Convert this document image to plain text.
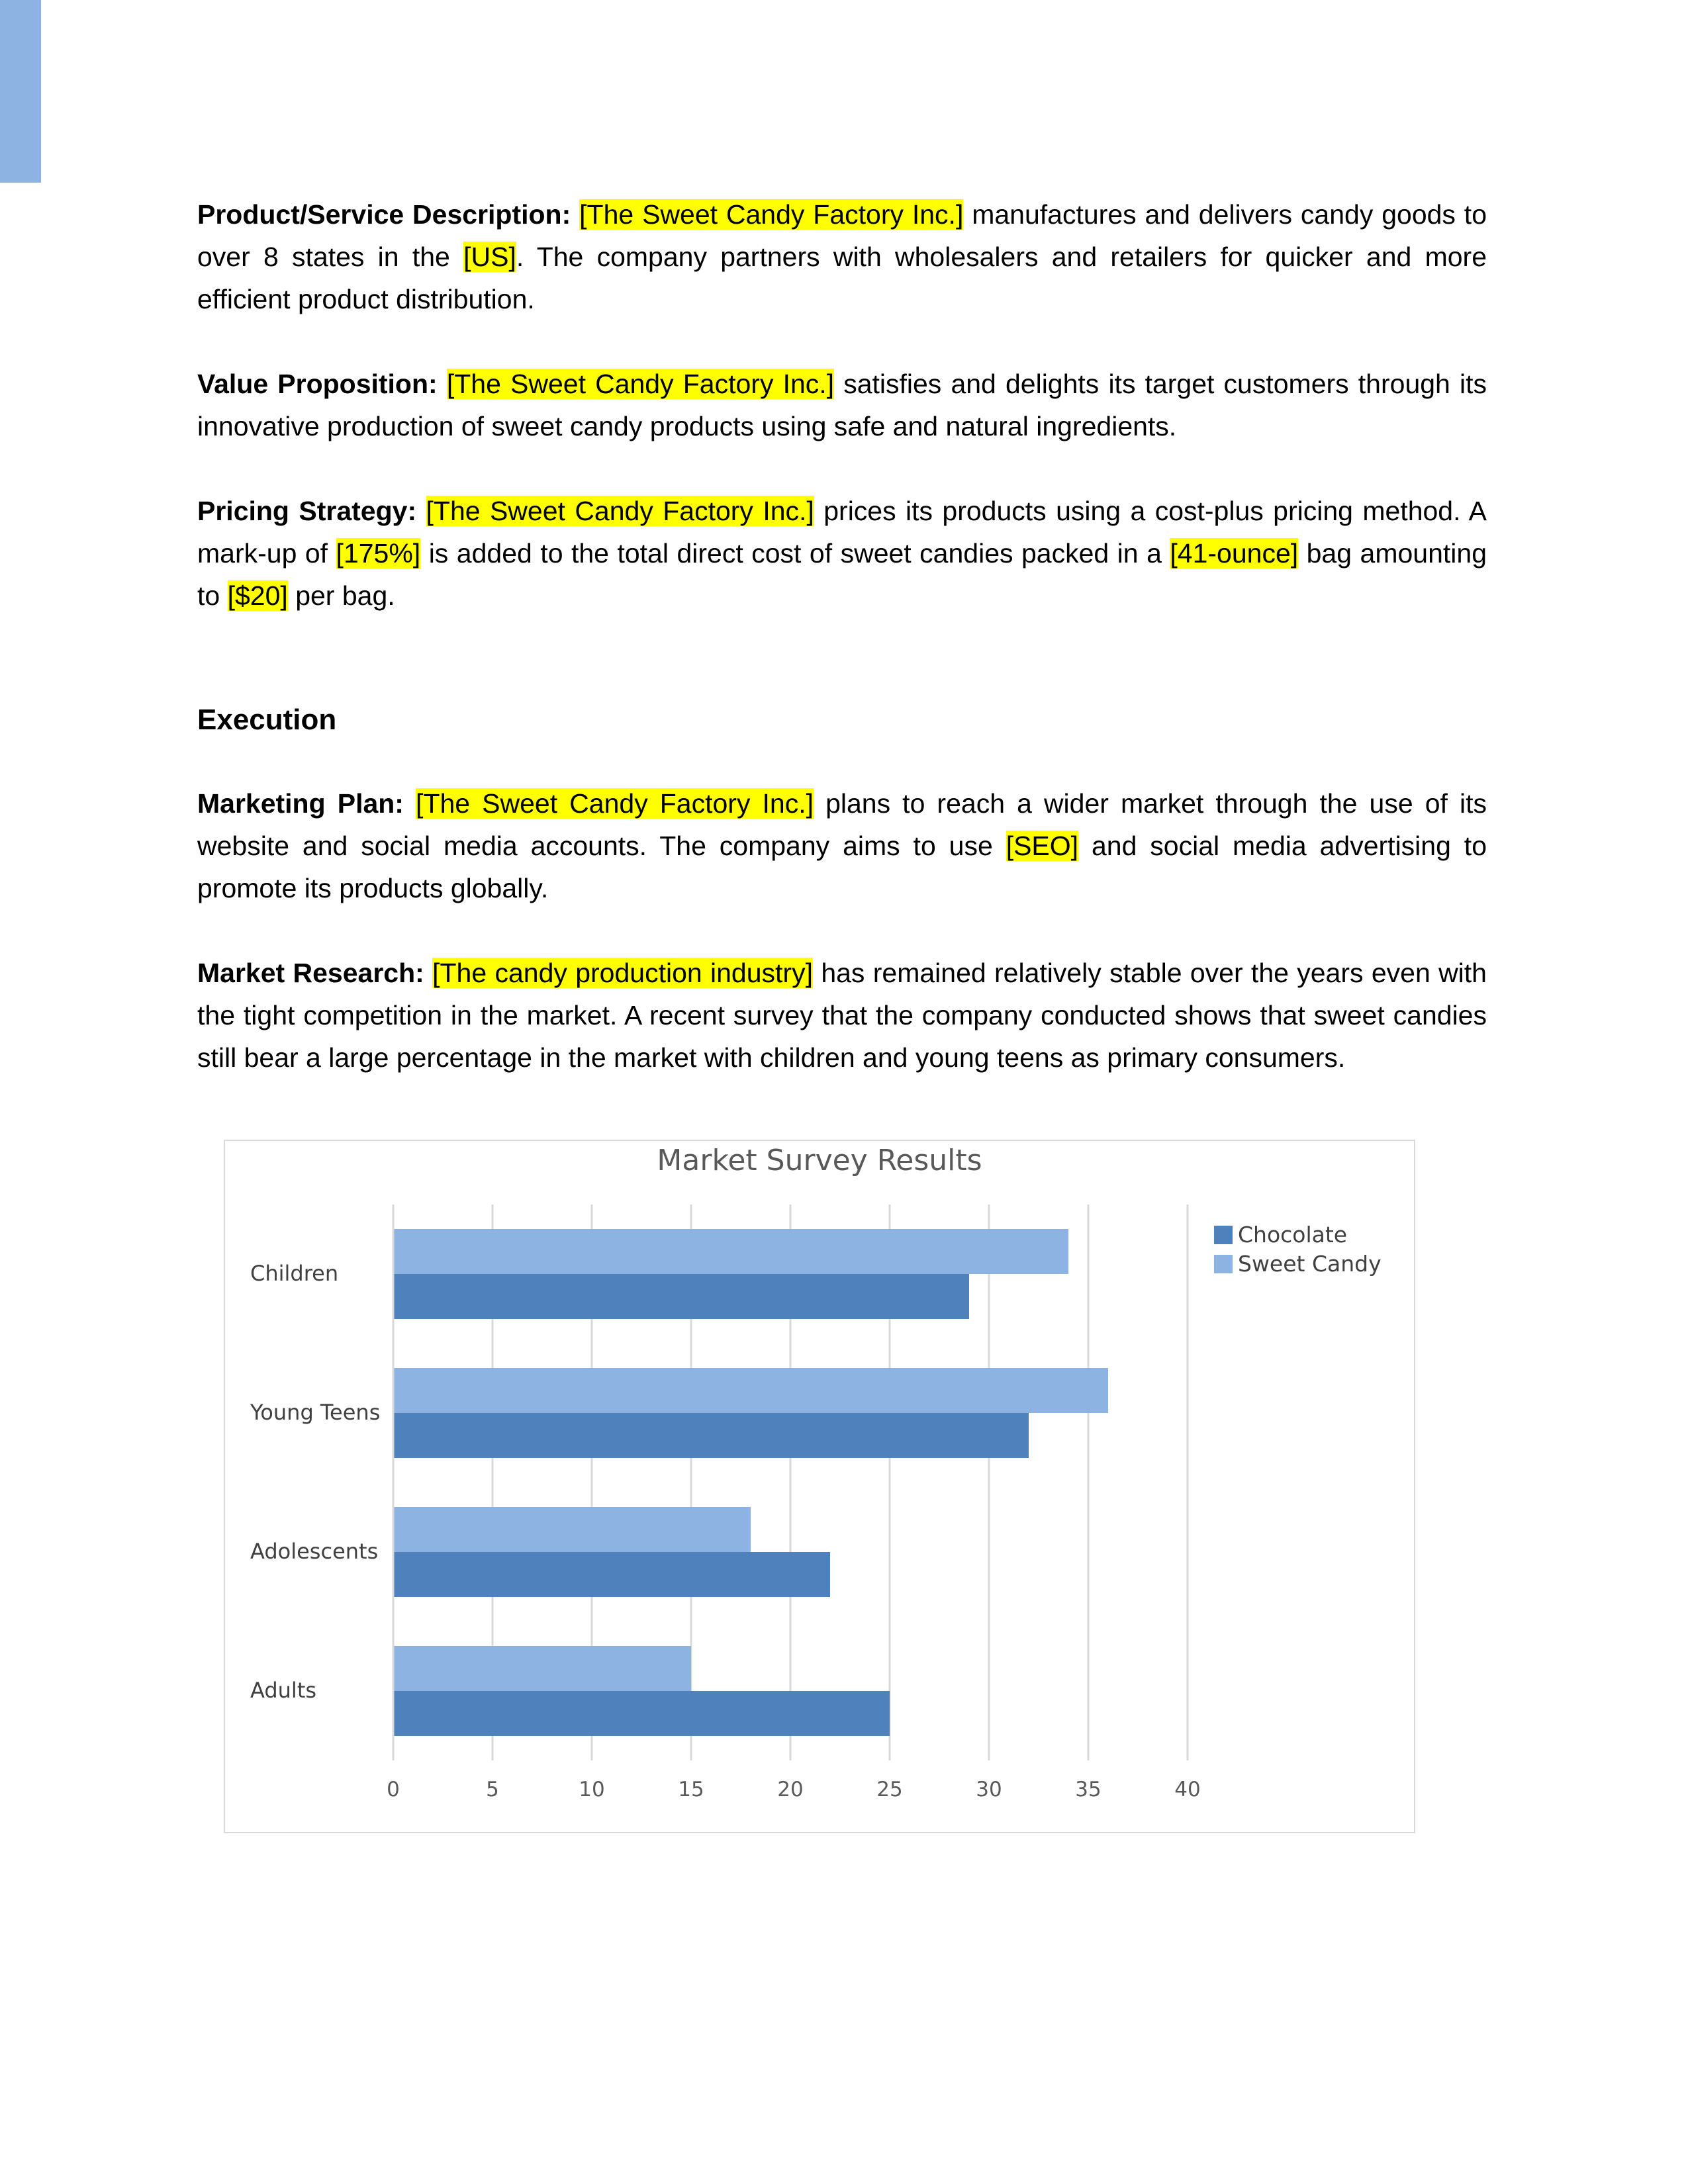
Product/Service Description: [The Sweet Candy Factory Inc.] manufactures and delivers candy goods to over 8 states in the [US]. The company partners with wholesalers and retailers for quicker and more efficient product distribution.

Value Proposition: [The Sweet Candy Factory Inc.] satisfies and delights its target customers through its innovative production of sweet candy products using safe and natural ingredients.

Pricing Strategy: [The Sweet Candy Factory Inc.] prices its products using a cost-plus pricing method. A mark-up of [175%] is added to the total direct cost of sweet candies packed in a [41-ounce] bag amounting to [$20] per bag.

Execution

Marketing Plan: [The Sweet Candy Factory Inc.] plans to reach a wider market through the use of its website and social media accounts. The company aims to use [SEO] and social media advertising to promote its products globally.

Market Research: [The candy production industry] has remained relatively stable over the years even with the tight competition in the market. A recent survey that the company conducted shows that sweet candies still bear a large percentage in the market with children and young teens as primary consumers.

Market Survey Results
0	5	10	15	20	25	30	35	40
Children
Young Teens
Adolescents
Adults
Chocolate
Sweet Candy
